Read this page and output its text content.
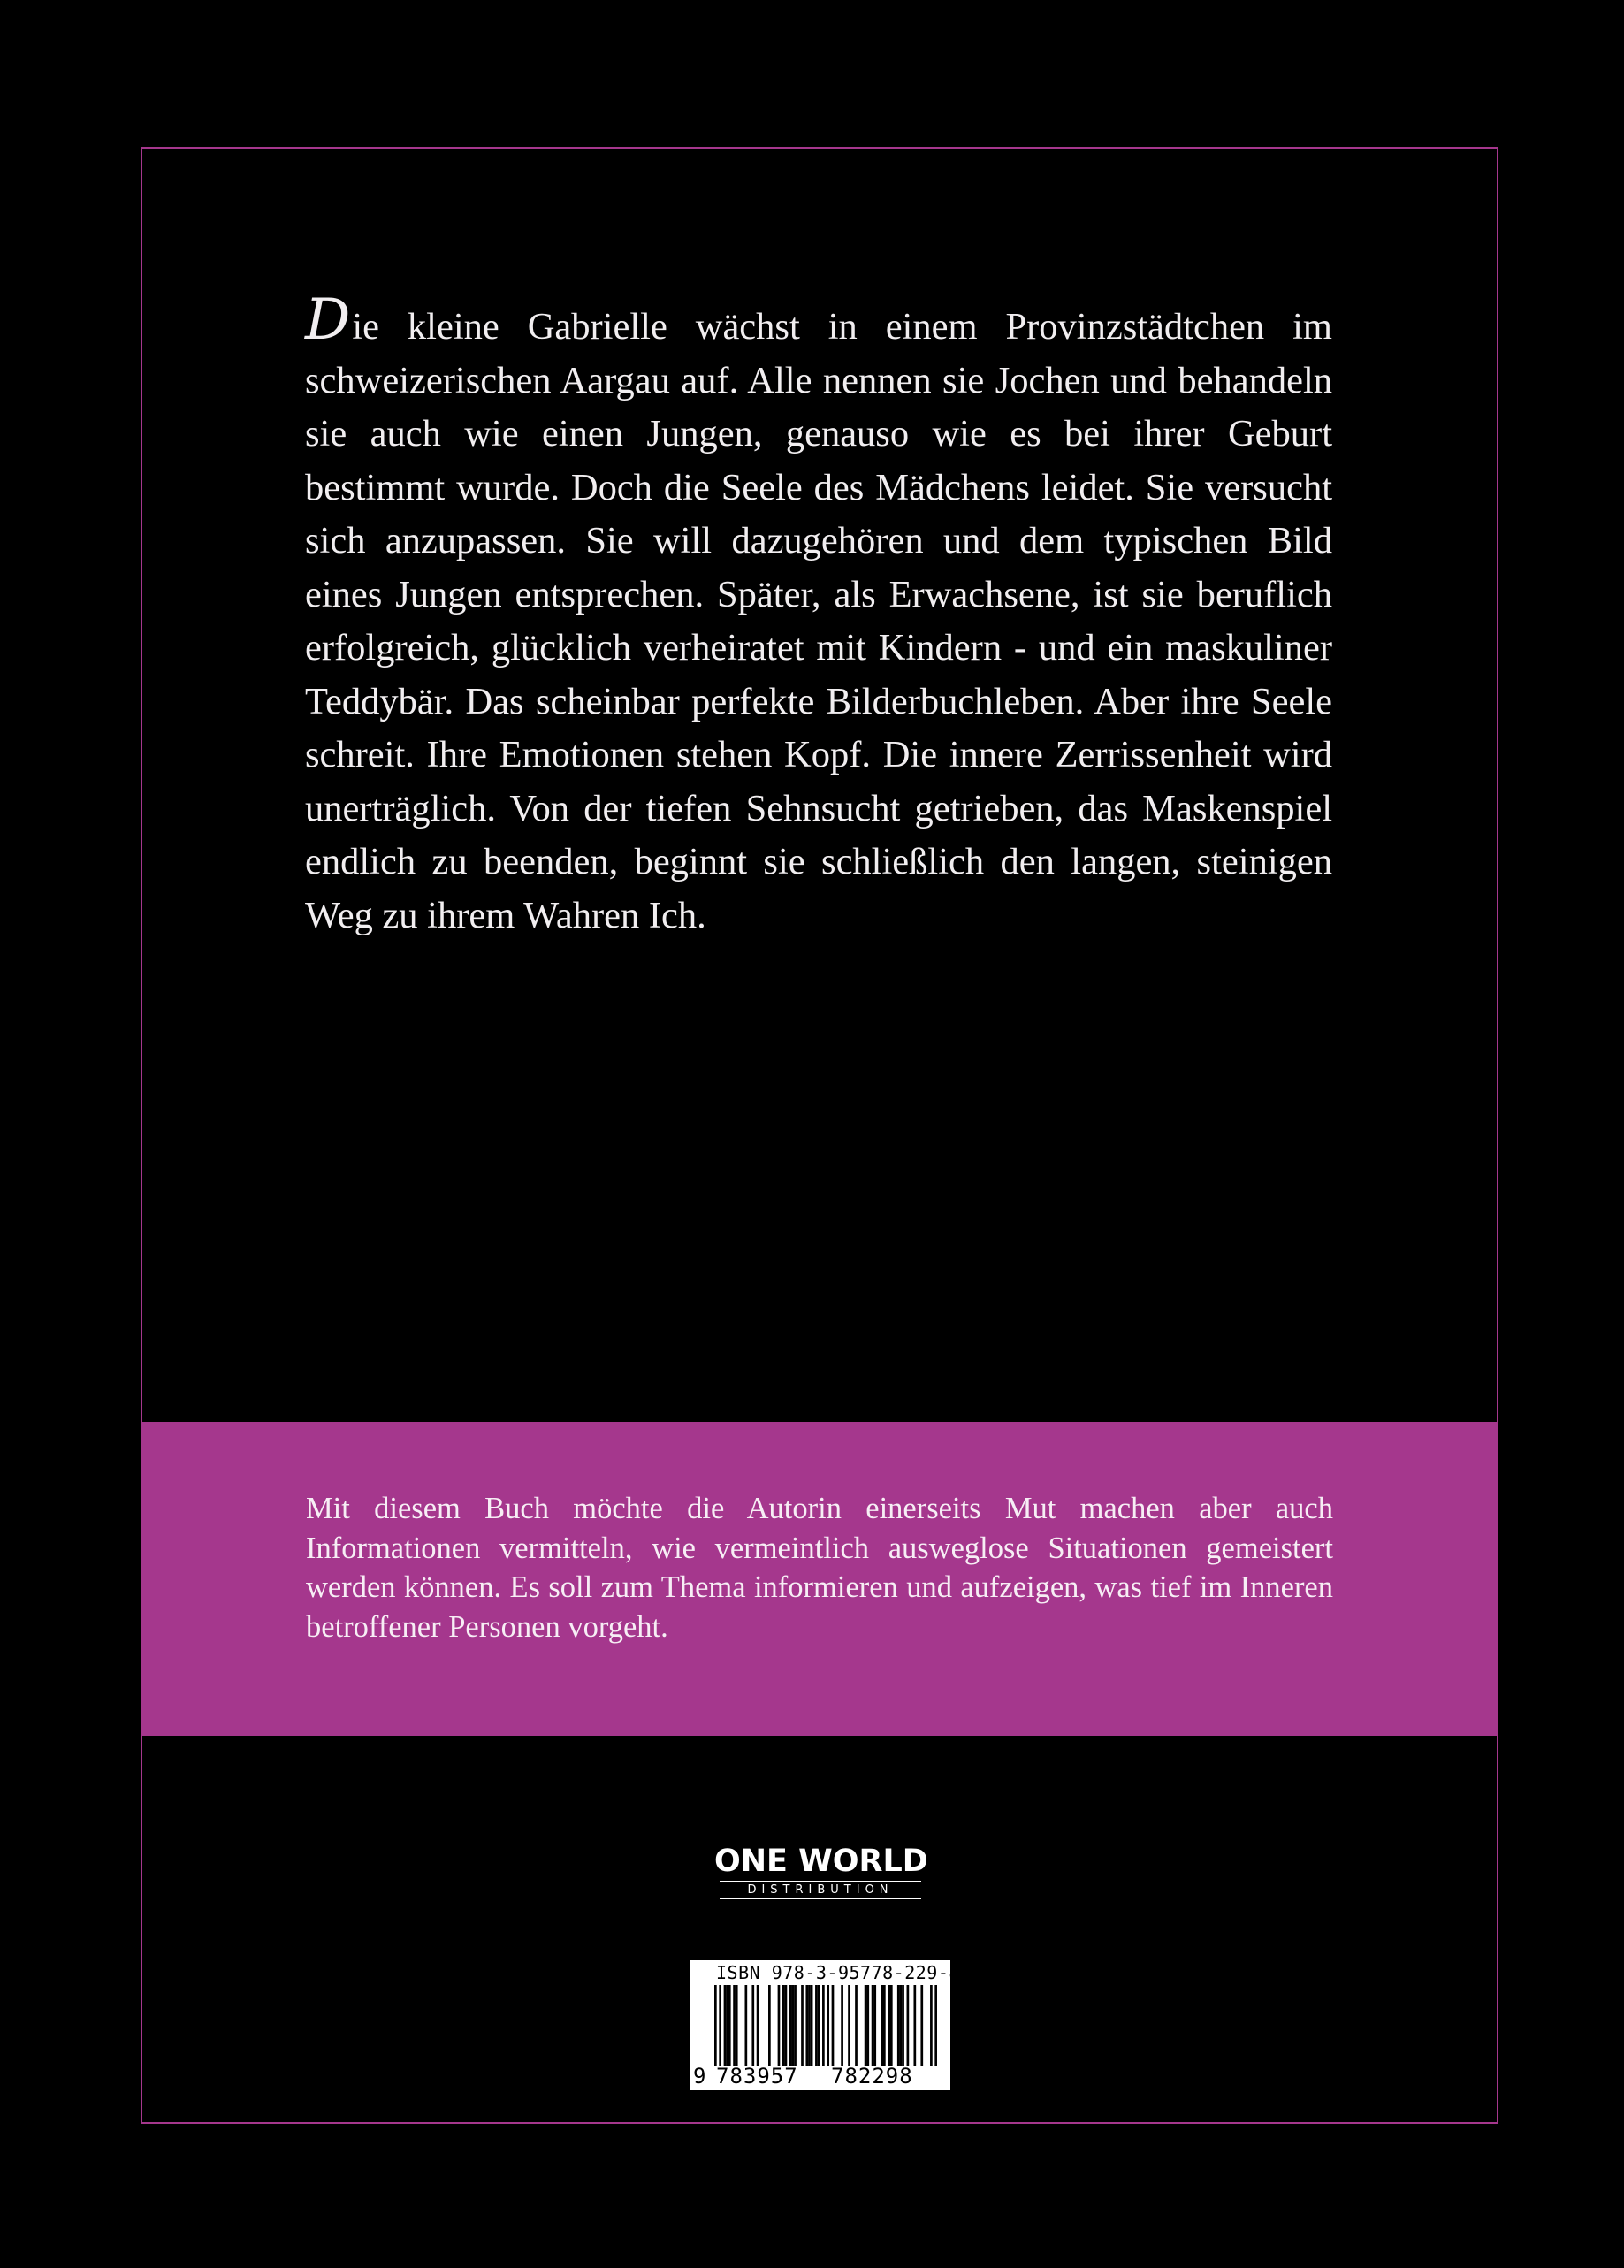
Die kleine Gabrielle wächst in einem Provinzstädtchen im schweizerischen Aargau auf. Alle nennen sie Jochen und behandeln sie auch wie einen Jungen, genauso wie es bei ihrer Geburt bestimmt wurde. Doch die Seele des Mädchens leidet. Sie versucht sich anzupassen. Sie will dazugehören und dem typischen Bild eines Jungen entsprechen. Später, als Erwachsene, ist sie beruflich erfolgreich, glücklich verheiratet mit Kindern - und ein maskuliner Teddybär. Das scheinbar perfekte Bilderbuchleben. Aber ihre Seele schreit. Ihre Emotionen stehen Kopf. Die innere Zerrissenheit wird unerträglich. Von der tiefen Sehnsucht getrieben, das Maskenspiel endlich zu beenden, beginnt sie schließlich den langen, steinigen Weg zu ihrem Wahren Ich.

Mit diesem Buch möchte die Autorin einerseits Mut machen aber auch Informationen vermitteln, wie vermeintlich ausweglose Situationen gemeistert werden können. Es soll zum Thema informieren und aufzeigen, was tief im Inneren betroffener Personen vorgeht.

ONE WORLD
DISTRIBUTION
ISBN 978-3-95778-229-8
9 783957 782298
